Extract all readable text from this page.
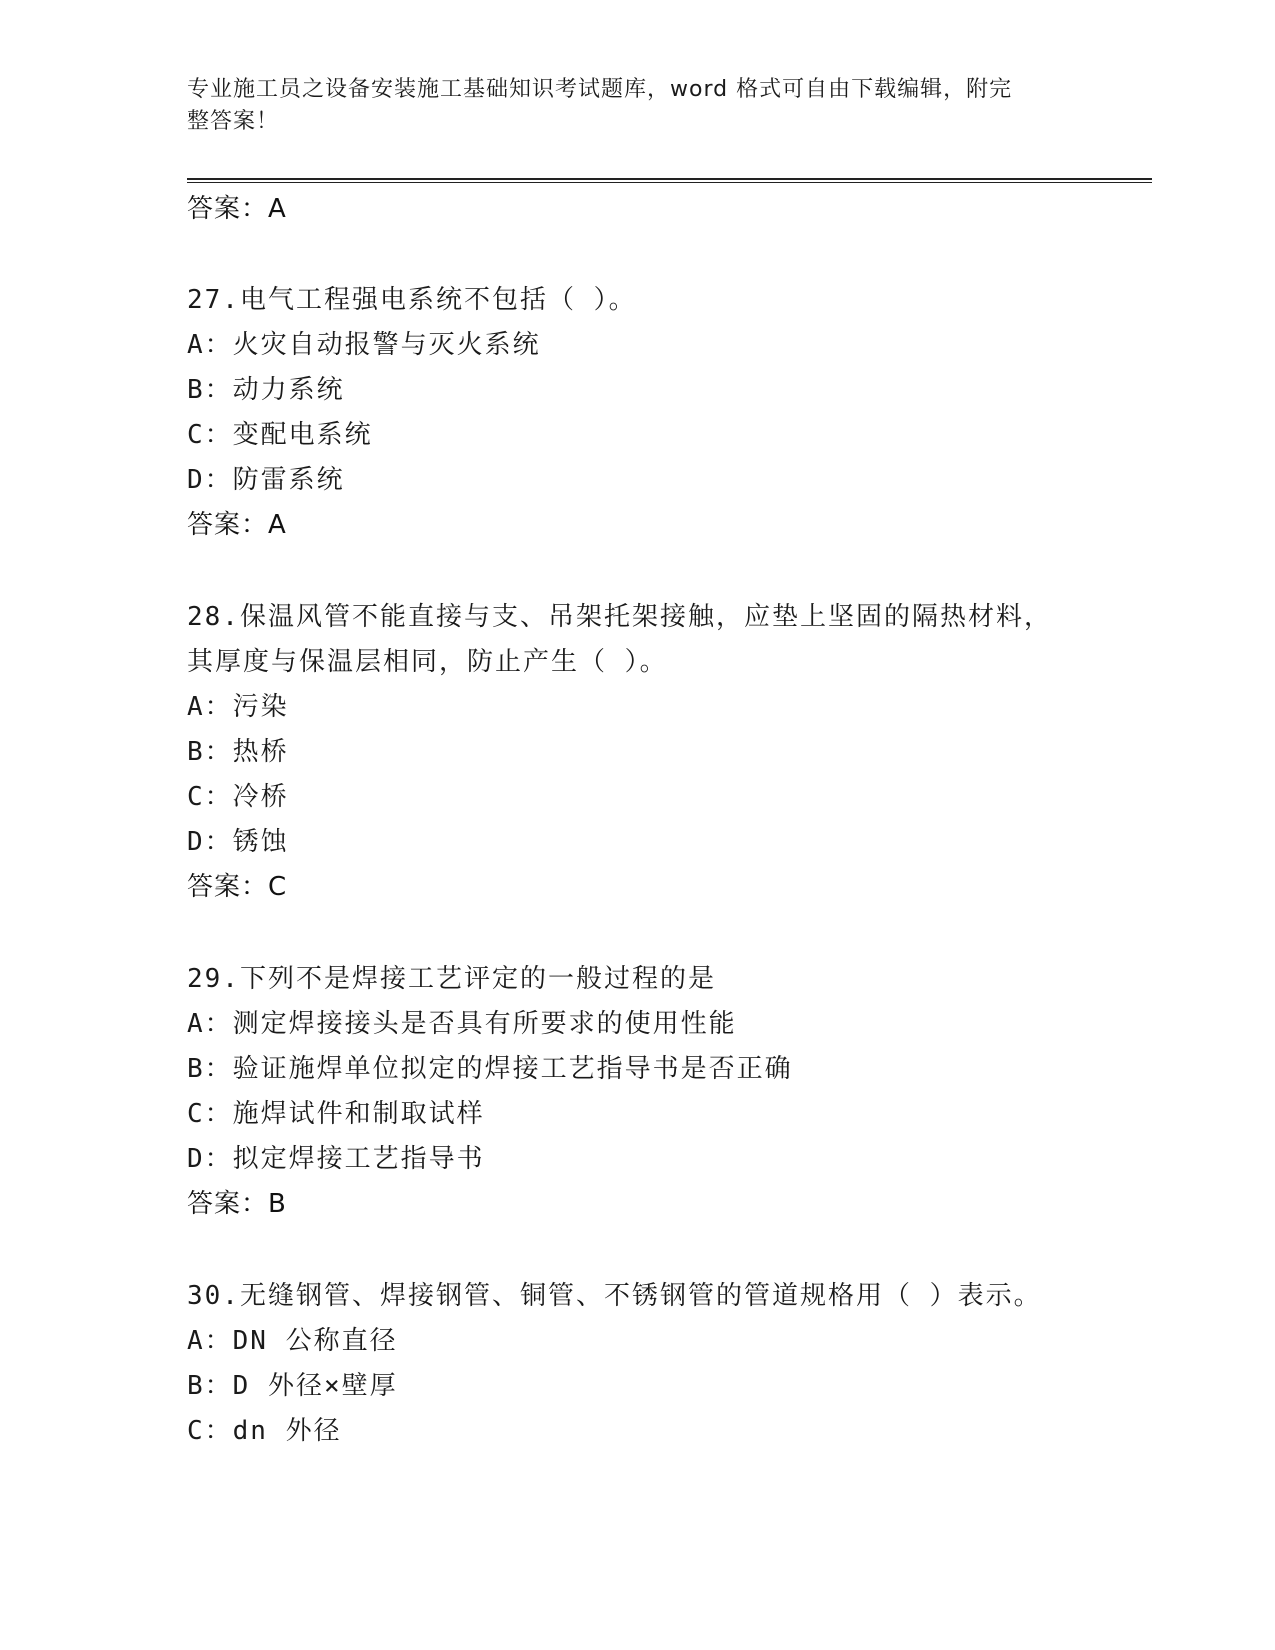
专业施工员之设备安装施工基础知识考试题库，word 格式可自由下载编辑，附完
整答案！
答案：A
27.电气工程强电系统不包括（ ）。
A：火灾自动报警与灭火系统
B：动力系统
C：变配电系统
D：防雷系统
答案：A
28.保温风管不能直接与支、吊架托架接触，应垫上坚固的隔热材料，
其厚度与保温层相同，防止产生（ ）。
A：污染
B：热桥
C：冷桥
D：锈蚀
答案：C
29.下列不是焊接工艺评定的一般过程的是
A：测定焊接接头是否具有所要求的使用性能
B：验证施焊单位拟定的焊接工艺指导书是否正确
C：施焊试件和制取试样
D：拟定焊接工艺指导书
答案：B
30.无缝钢管、焊接钢管、铜管、不锈钢管的管道规格用（ ）表示。
A：DN 公称直径
B：D 外径×壁厚
C：dn 外径
